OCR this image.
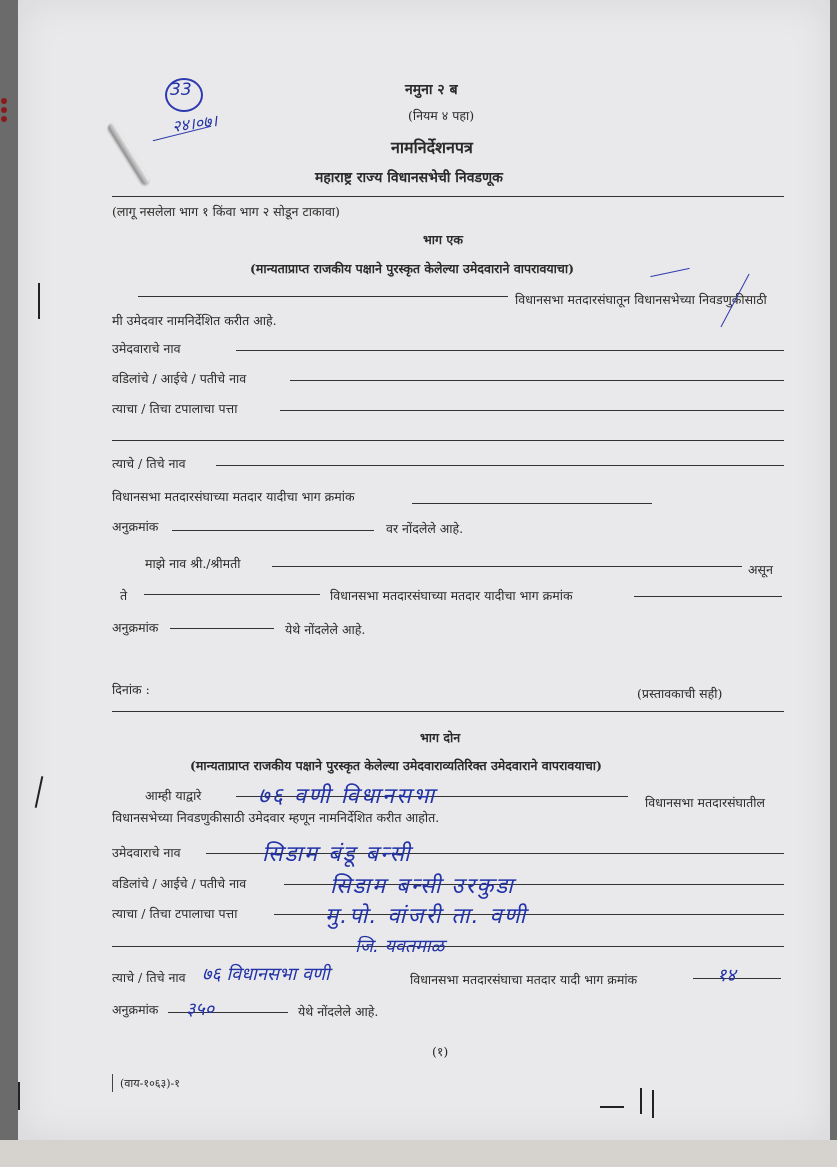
33
२४।०७।
नमुना २ ब
(नियम ४ पहा)
नामनिर्देशनपत्र
महाराष्ट्र राज्य विधानसभेची निवडणूक
(लागू नसलेला भाग १ किंवा भाग २ सोडून टाकावा)
भाग एक
(मान्यताप्राप्त राजकीय पक्षाने पुरस्कृत केलेल्या उमेदवाराने वापरावयाचा)
विधानसभा मतदारसंघातून विधानसभेच्या निवडणुकीसाठी
मी उमेदवार नामनिर्देशित करीत आहे.
उमेदवाराचे नाव
वडिलांचे / आईचे / पतीचे नाव
त्याचा / तिचा टपालाचा पत्ता
त्याचे / तिचे नाव
विधानसभा मतदारसंघाच्या मतदार यादीचा भाग क्रमांक
अनुक्रमांक	वर नोंदलेले आहे.
माझे नाव श्री./श्रीमती	असून
ते	विधानसभा मतदारसंघाच्या मतदार यादीचा भाग क्रमांक
अनुक्रमांक	येथे नोंदलेले आहे.
दिनांक :	(प्रस्तावकाची सही)
भाग दोन
(मान्यताप्राप्त राजकीय पक्षाने पुरस्कृत केलेल्या उमेदवाराव्यतिरिक्त उमेदवाराने वापरावयाचा)
आम्ही याद्वारे	७६ वणी विधानसभा	विधानसभा मतदारसंघातील
विधानसभेच्या निवडणुकीसाठी उमेदवार म्हणून नामनिर्देशित करीत आहोत.
उमेदवाराचे नाव	सिडाम बंडू बन्सी
वडिलांचे / आईचे / पतीचे नाव	सिडाम बन्सी उरकुडा
त्याचा / तिचा टपालाचा पत्ता	मु.पो. वांजरी ता. वणी
जि. यवतमाळ
त्याचे / तिचे नाव ७६ विधानसभा वणी	विधानसभा मतदारसंघाचा मतदार यादी भाग क्रमांक	१४
अनुक्रमांक ३५०	येथे नोंदलेले आहे.
(१)
(वाय-१०६३)-१
